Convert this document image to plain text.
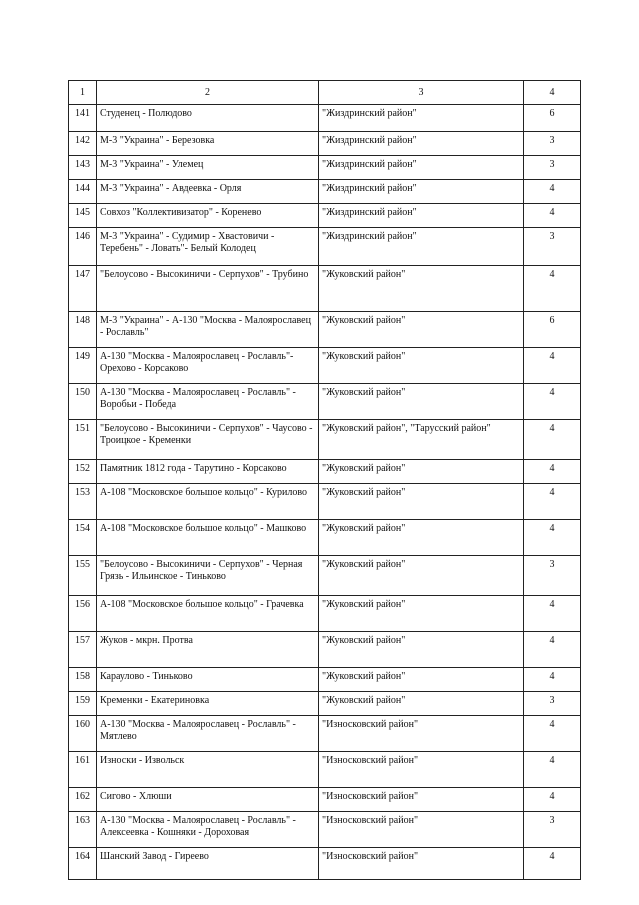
1	2	3	4
141	Студенец - Полюдово	"Жиздринский район"	6
142	М-3 "Украина" - Березовка	"Жиздринский район"	3
143	М-3 "Украина" - Улемец	"Жиздринский район"	3
144	М-3 "Украина" - Авдеевка - Орля	"Жиздринский район"	4
145	Совхоз "Коллективизатор" - Коренево	"Жиздринский район"	4
146	М-3 "Украина" - Судимир - Хвастовичи - Теребень" - Ловать"- Белый Колодец	"Жиздринский район"	3
147	"Белоусово - Высокиничи - Серпухов" - Трубино	"Жуковский район"	4
148	М-3 "Украина" - А-130 "Москва - Малоярославец - Рославль"	"Жуковский район"	6
149	А-130 "Москва - Малоярославец - Рославль"- Орехово - Корсаково	"Жуковский район"	4
150	А-130 "Москва - Малоярославец - Рославль" - Воробьи - Победа	"Жуковский район"	4
151	"Белоусово - Высокиничи - Серпухов" - Чаусово - Троицкое - Кременки	"Жуковский район", "Тарусский район"	4
152	Памятник 1812 года - Тарутино - Корсаково	"Жуковский район"	4
153	А-108 "Московское большое кольцо" - Курилово	"Жуковский район"	4
154	А-108 "Московское большое кольцо" - Машково	"Жуковский район"	4
155	"Белоусово - Высокиничи - Серпухов" - Черная Грязь - Ильинское - Тиньково	"Жуковский район"	3
156	А-108 "Московское большое кольцо" - Грачевка	"Жуковский район"	4
157	Жуков - мкрн. Протва	"Жуковский район"	4
158	Караулово - Тиньково	"Жуковский район"	4
159	Кременки - Екатериновка	"Жуковский район"	3
160	А-130 "Москва - Малоярославец - Рославль" - Мятлево	"Износковский район"	4
161	Износки - Извольск	"Износковский район"	4
162	Сигово - Хлюши	"Износковский район"	4
163	А-130 "Москва - Малоярославец - Рославль" - Алексеевка - Кошняки - Дороховая	"Износковский район"	3
164	Шанский Завод - Гиреево	"Износковский район"	4
